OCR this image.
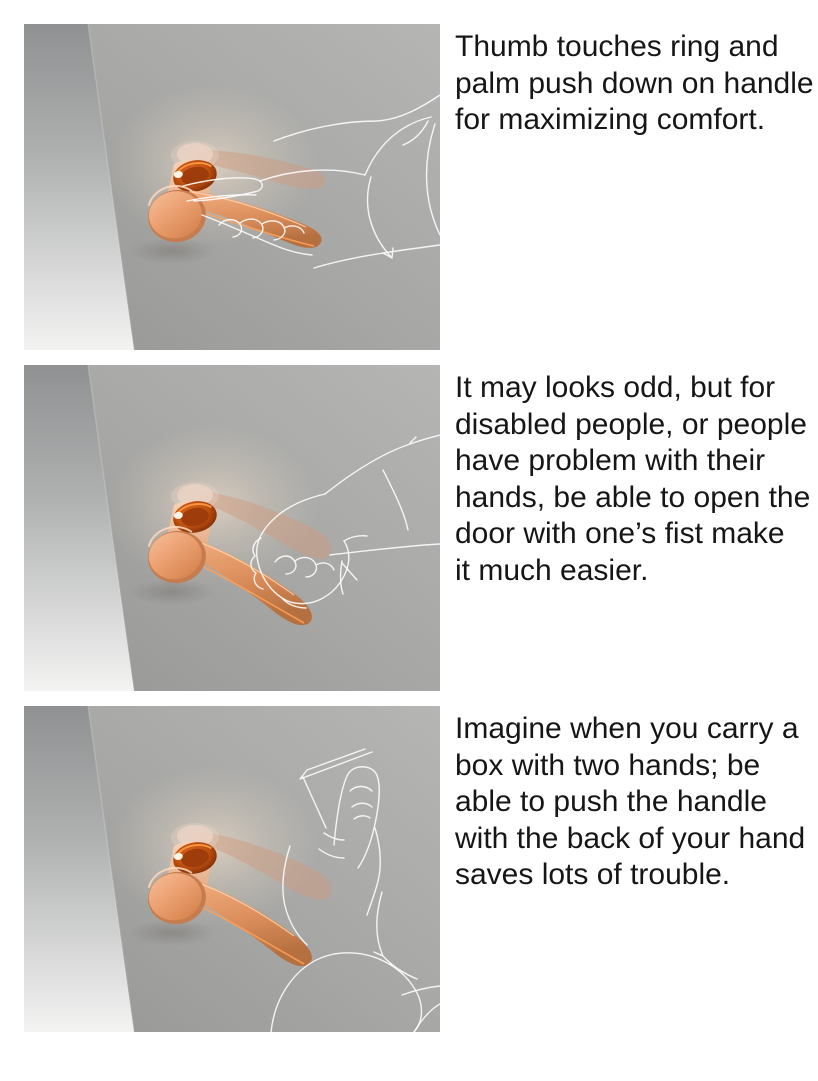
Thumb touches ring and
palm push down on handle
for maximizing comfort.
It may looks odd, but for
disabled people, or people
have problem with their
hands, be able to open the
door with one’s fist make
it much easier.
Imagine when you carry a
box with two hands; be
able to push the handle
with the back of your hand
saves lots of trouble.
